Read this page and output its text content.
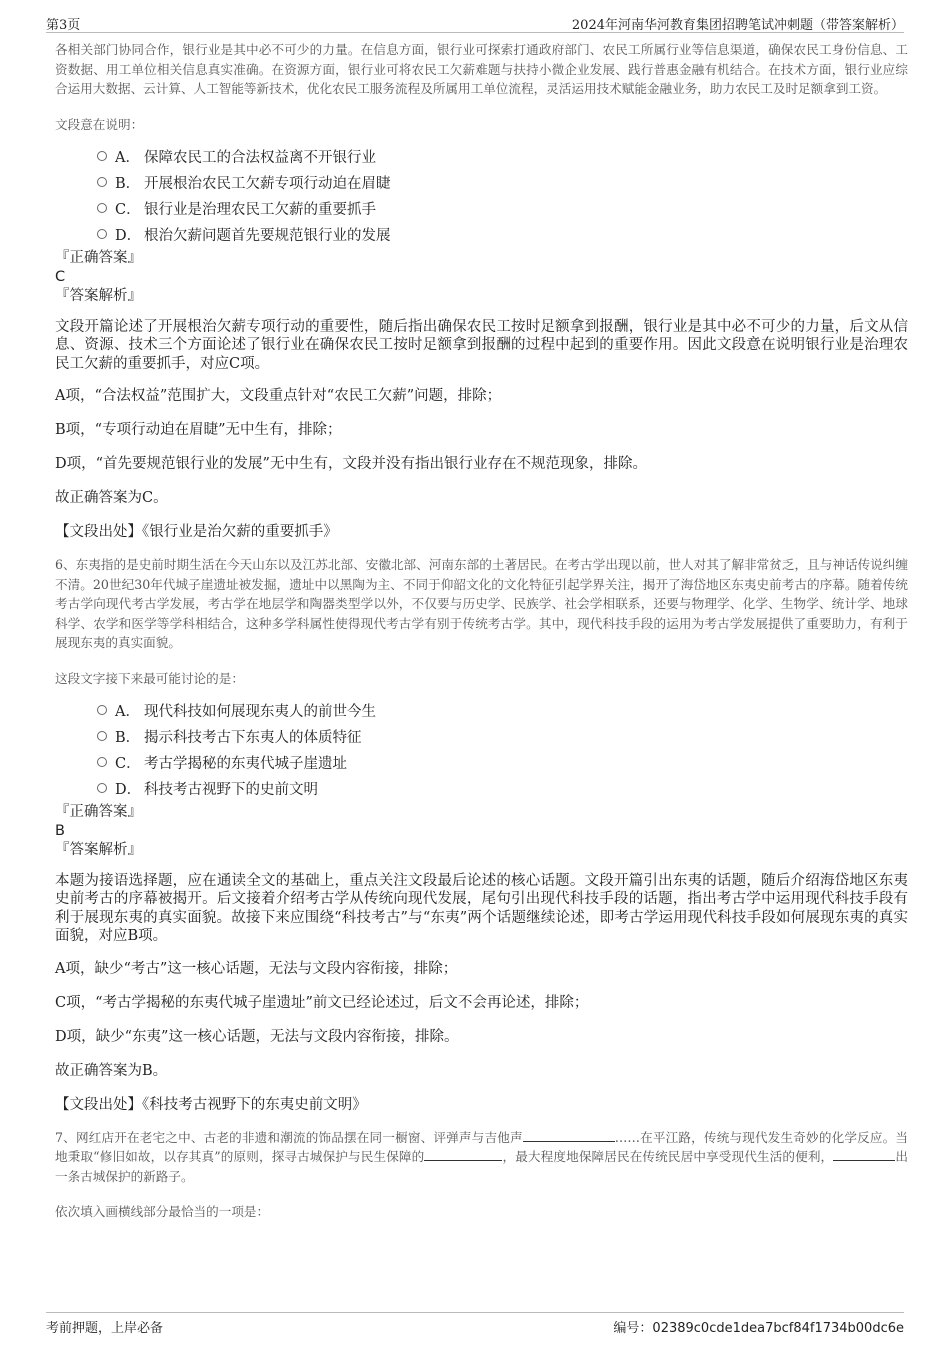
第3页	2024年河南华河教育集团招聘笔试冲刺题（带答案解析）

各相关部门协同合作，银行业是其中必不可少的力量。在信息方面，银行业可探索打通政府部门、农民工所属行业等信息渠道，确保农民工身份信息、工资数据、用工单位相关信息真实准确。在资源方面，银行业可将农民工欠薪难题与扶持小微企业发展、践行普惠金融有机结合。在技术方面，银行业应综合运用大数据、云计算、人工智能等新技术，优化农民工服务流程及所属用工单位流程，灵活运用技术赋能金融业务，助力农民工及时足额拿到工资。

文段意在说明：

A． 保障农民工的合法权益离不开银行业
B． 开展根治农民工欠薪专项行动迫在眉睫
C． 银行业是治理农民工欠薪的重要抓手
D． 根治欠薪问题首先要规范银行业的发展

『正确答案』

C

『答案解析』

文段开篇论述了开展根治欠薪专项行动的重要性，随后指出确保农民工按时足额拿到报酬，银行业是其中必不可少的力量，后文从信息、资源、技术三个方面论述了银行业在确保农民工按时足额拿到报酬的过程中起到的重要作用。因此文段意在说明银行业是治理农民工欠薪的重要抓手，对应C项。

A项，“合法权益”范围扩大，文段重点针对“农民工欠薪”问题，排除；

B项，“专项行动迫在眉睫”无中生有，排除；

D项，“首先要规范银行业的发展”无中生有，文段并没有指出银行业存在不规范现象，排除。

故正确答案为C。

【文段出处】《银行业是治欠薪的重要抓手》

6、东夷指的是史前时期生活在今天山东以及江苏北部、安徽北部、河南东部的土著居民。在考古学出现以前，世人对其了解非常贫乏，且与神话传说纠缠不清。20世纪30年代城子崖遗址被发掘，遗址中以黑陶为主、不同于仰韶文化的文化特征引起学界关注，揭开了海岱地区东夷史前考古的序幕。随着传统考古学向现代考古学发展，考古学在地层学和陶器类型学以外，不仅要与历史学、民族学、社会学相联系，还要与物理学、化学、生物学、统计学、地球科学、农学和医学等学科相结合，这种多学科属性使得现代考古学有别于传统考古学。其中，现代科技手段的运用为考古学发展提供了重要助力，有利于展现东夷的真实面貌。

这段文字接下来最可能讨论的是：

A． 现代科技如何展现东夷人的前世今生
B． 揭示科技考古下东夷人的体质特征
C． 考古学揭秘的东夷代城子崖遗址
D． 科技考古视野下的史前文明

『正确答案』

B

『答案解析』

本题为接语选择题，应在通读全文的基础上，重点关注文段最后论述的核心话题。文段开篇引出东夷的话题，随后介绍海岱地区东夷史前考古的序幕被揭开。后文接着介绍考古学从传统向现代发展，尾句引出现代科技手段的话题，指出考古学中运用现代科技手段有利于展现东夷的真实面貌。故接下来应围绕“科技考古”与“东夷”两个话题继续论述，即考古学运用现代科技手段如何展现东夷的真实面貌，对应B项。

A项，缺少“考古”这一核心话题，无法与文段内容衔接，排除；

C项，“考古学揭秘的东夷代城子崖遗址”前文已经论述过，后文不会再论述，排除；

D项，缺少“东夷”这一核心话题，无法与文段内容衔接，排除。

故正确答案为B。

【文段出处】《科技考古视野下的东夷史前文明》

7、网红店开在老宅之中、古老的非遗和潮流的饰品摆在同一橱窗、评弹声与吉他声	……在平江路，传统与现代发生奇妙的化学反应。当地秉取“修旧如故，以存其真”的原则，探寻古城保护与民生保障的	，最大程度地保障居民在传统民居中享受现代生活的便利，	出一条古城保护的新路子。

依次填入画横线部分最恰当的一项是：

考前押题，上岸必备	编号：02389c0cde1dea7bcf84f1734b00dc6e
